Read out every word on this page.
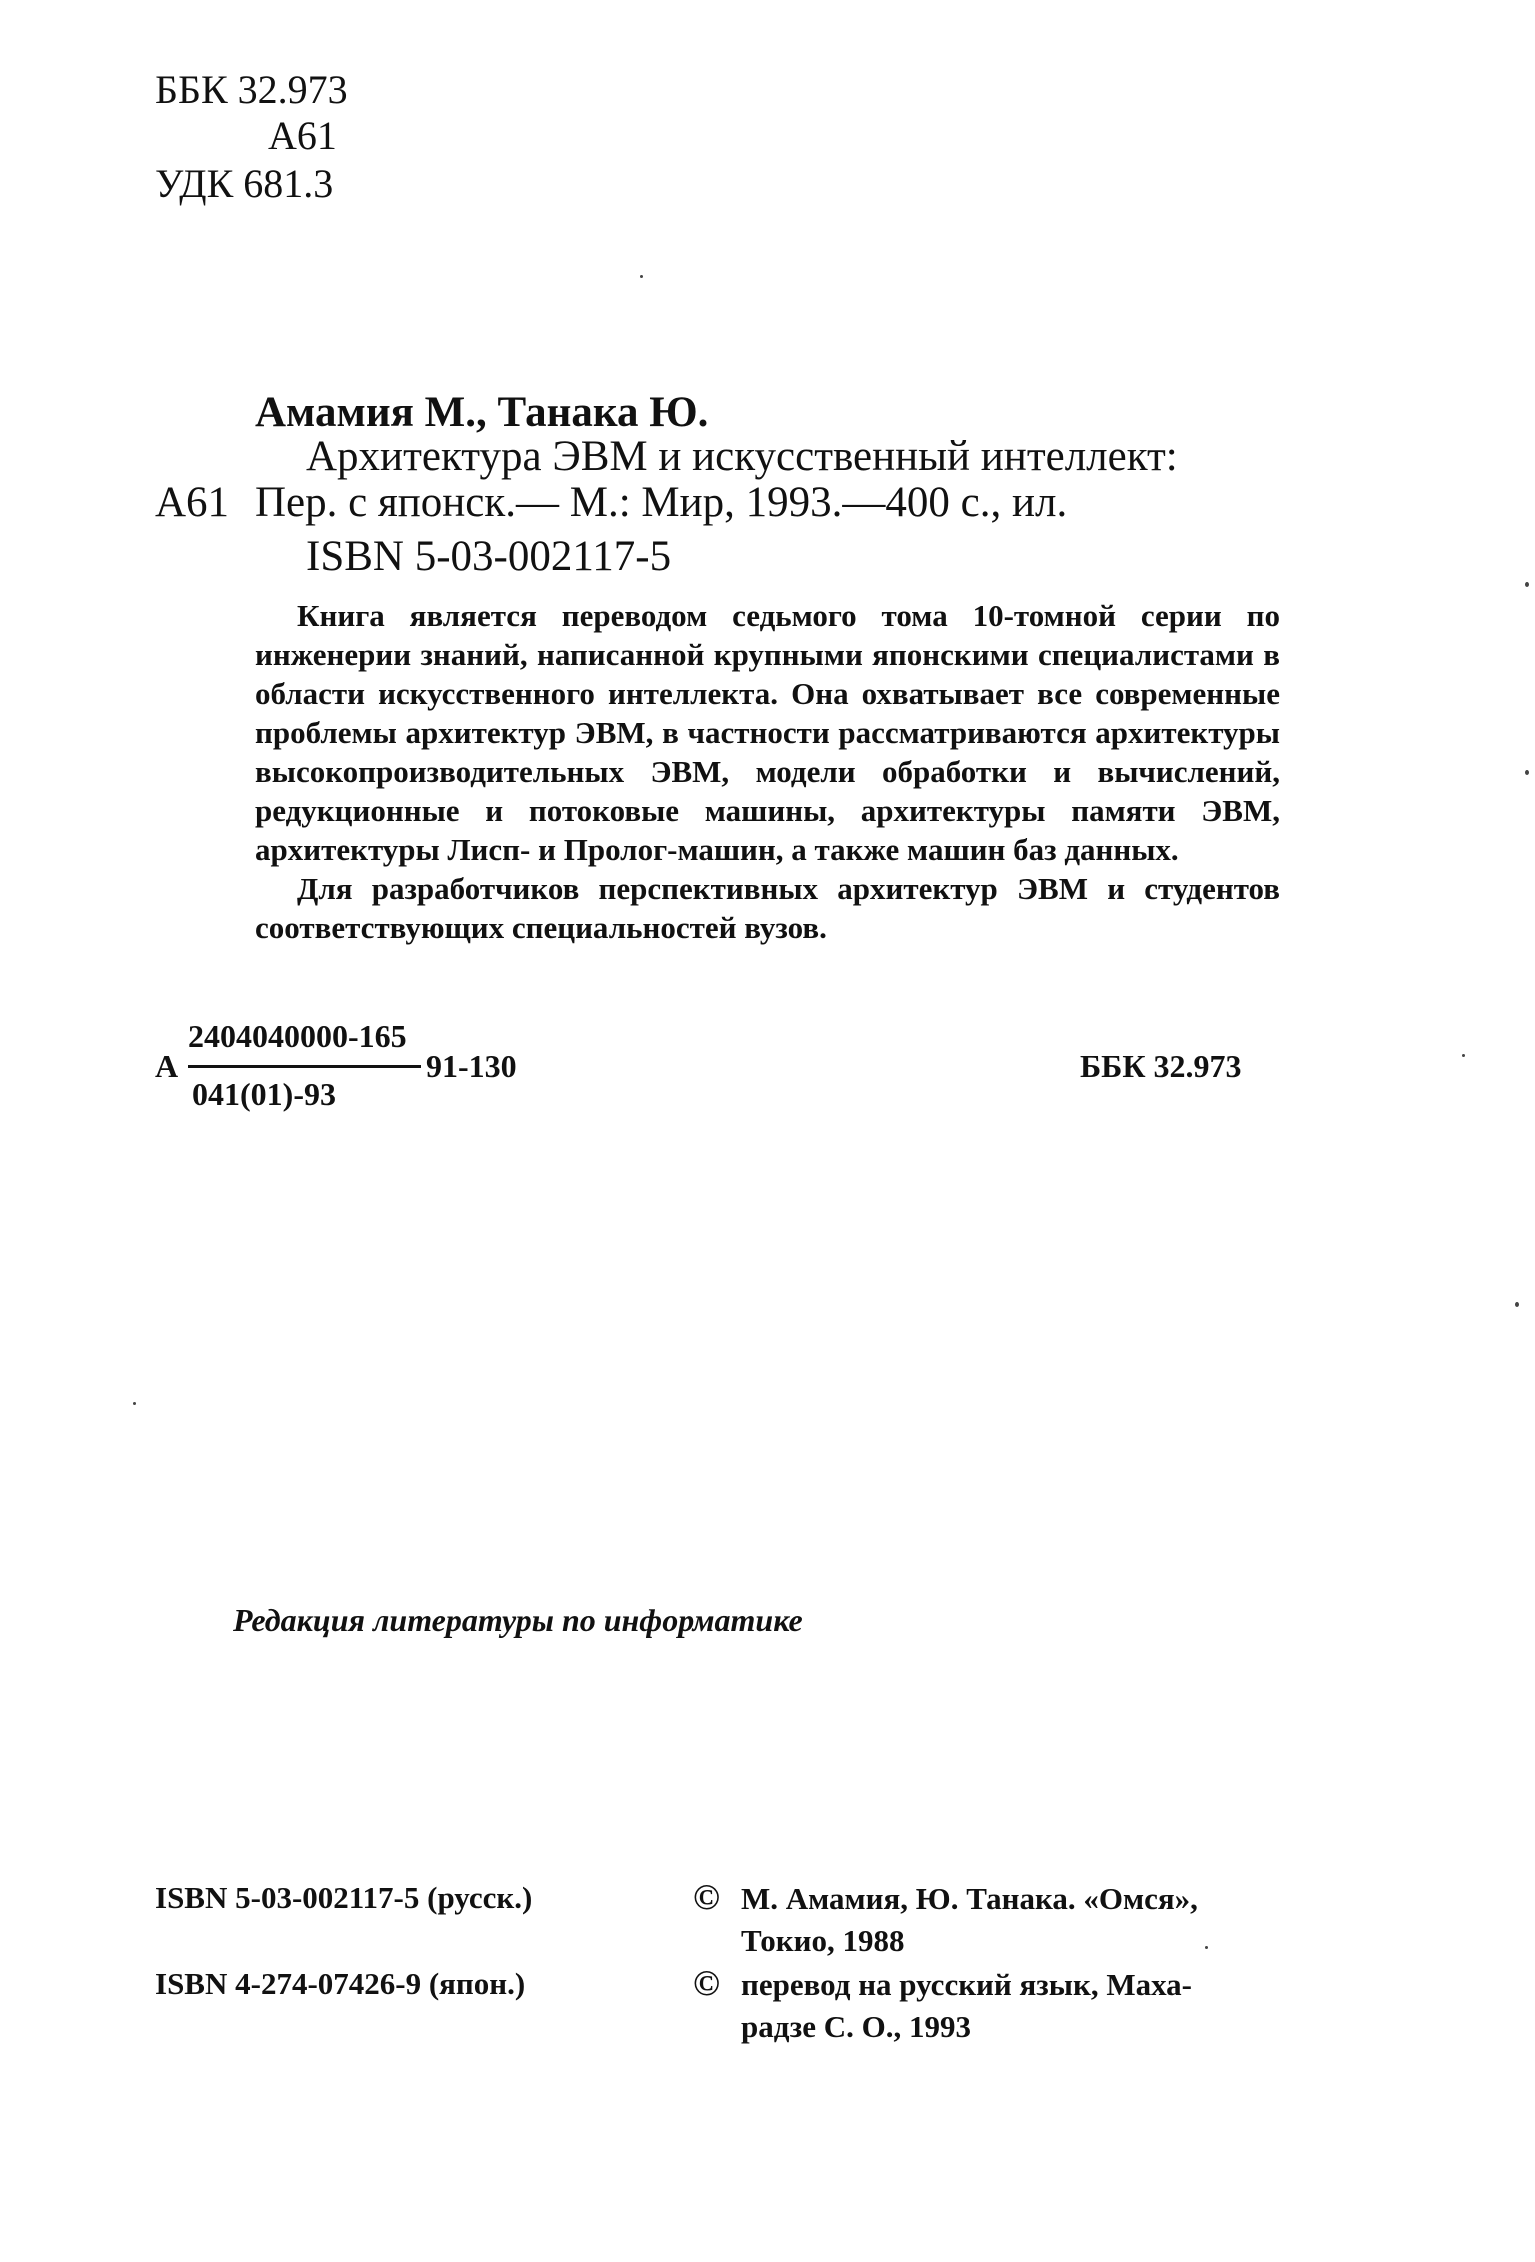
ББК 32.973
А61
УДК 681.3
Амамия М., Танака Ю.
Архитектура ЭВМ и искусственный интеллект:
А61 Пер. с японск.— М.: Мир, 1993.—400 с., ил.
ISBN 5-03-002117-5

Книга является переводом седьмого тома 10-томной серии по инженерии знаний, написанной крупными японскими специалистами в области искусственного интеллекта. Она охватывает все современные проблемы архитектур ЭВМ, в частности рассматриваются архитектуры высокопроизводительных ЭВМ, модели обработки и вычислений, редукционные и потоковые машины, архитектуры памяти ЭВМ, архитектуры Лисп- и Пролог-машин, а также машин баз данных.

Для разработчиков перспективных архитектур ЭВМ и студентов соответствующих специальностей вузов.

2404040000-165
А	91-130
041(01)-93
ББК 32.973
Редакция литературы по информатике
ISBN 5-03-002117-5 (русск.)
ISBN 4-274-07426-9 (япон.)
© М. Амамия, Ю. Танака. «Омся»,
Токио, 1988
© перевод на русский язык, Маха-
радзе С. О., 1993
